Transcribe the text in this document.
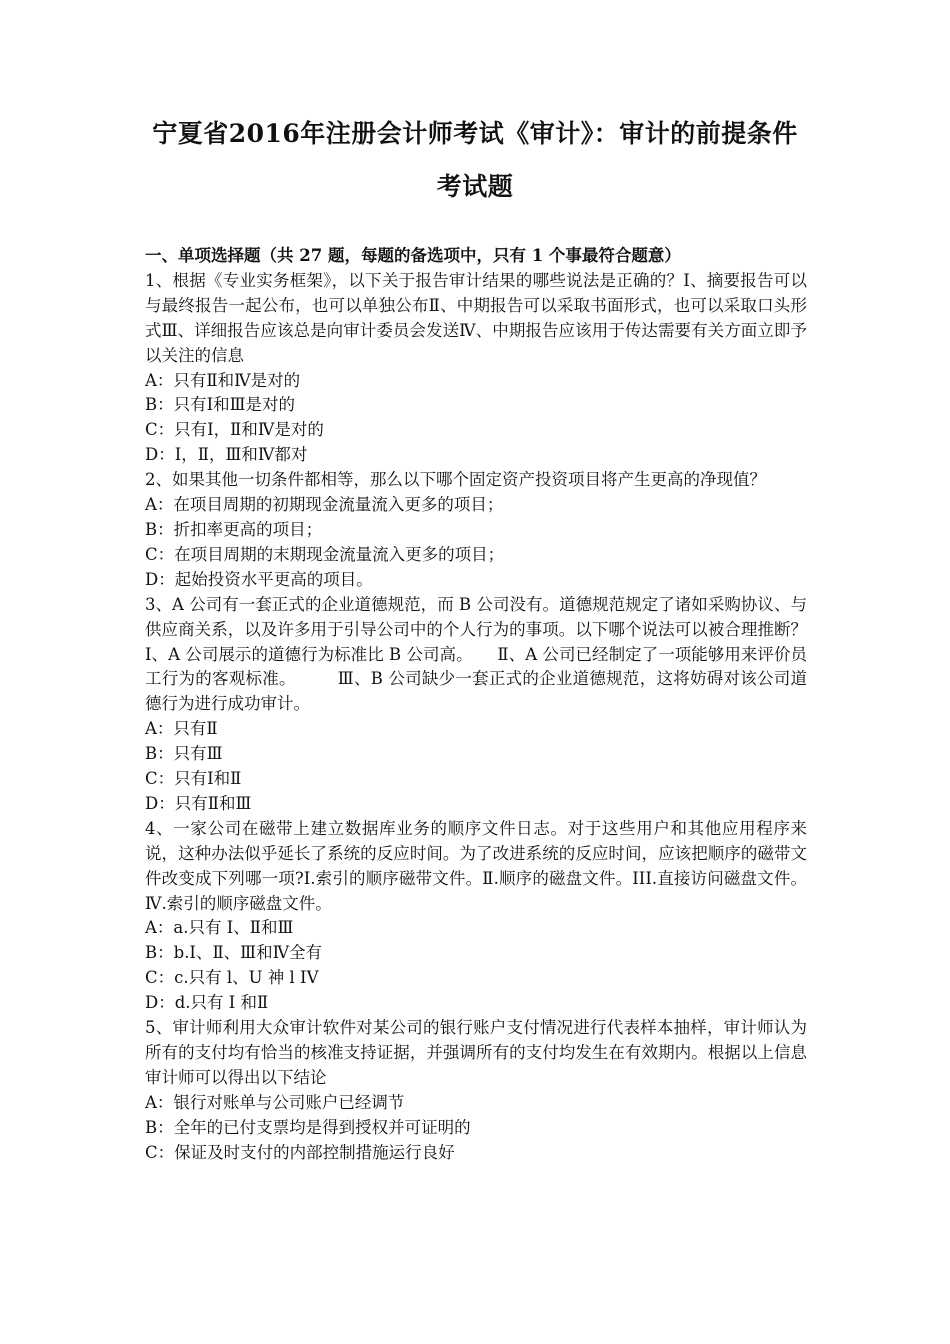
宁夏省2016年注册会计师考试《审计》：审计的前提条件
考试题
一、单项选择题（共 27 题，每题的备选项中，只有 1 个事最符合题意）
1、根据《专业实务框架》，以下关于报告审计结果的哪些说法是正确的？Ⅰ、摘要报告可以与最终报告一起公布，也可以单独公布Ⅱ、中期报告可以采取书面形式，也可以采取口头形式Ⅲ、详细报告应该总是向审计委员会发送Ⅳ、中期报告应该用于传达需要有关方面立即予以关注的信息
A：只有Ⅱ和Ⅳ是对的
B：只有Ⅰ和Ⅲ是对的
C：只有Ⅰ，Ⅱ和Ⅳ是对的
D：Ⅰ，Ⅱ，Ⅲ和Ⅳ都对
2、如果其他一切条件都相等，那么以下哪个固定资产投资项目将产生更高的净现值？
A：在项目周期的初期现金流量流入更多的项目；
B：折扣率更高的项目；
C：在项目周期的末期现金流量流入更多的项目；
D：起始投资水平更高的项目。
3、A 公司有一套正式的企业道德规范，而 B 公司没有。道德规范规定了诸如采购协议、与供应商关系，以及许多用于引导公司中的个人行为的事项。以下哪个说法可以被合理推断？　　　Ⅰ、A 公司展示的道德行为标准比 B 公司高。　　Ⅱ、A 公司已经制定了一项能够用来评价员工行为的客观标准。　　　Ⅲ、B 公司缺少一套正式的企业道德规范，这将妨碍对该公司道德行为进行成功审计。
A：只有Ⅱ
B：只有Ⅲ
C：只有Ⅰ和Ⅱ
D：只有Ⅱ和Ⅲ
4、一家公司在磁带上建立数据库业务的顺序文件日志。对于这些用户和其他应用程序来说，这种办法似乎延长了系统的反应时间。为了改进系统的反应时间，应该把顺序的磁带文件改变成下列哪一项?I.索引的顺序磁带文件。Ⅱ.顺序的磁盘文件。III.直接访问磁盘文件。Ⅳ.索引的顺序磁盘文件。
A：a.只有 I、Ⅱ和Ⅲ
B：b.I、Ⅱ、Ⅲ和Ⅳ全有
C：c.只有 l、U 神 l IV
D：d.只有 I 和Ⅱ
5、审计师利用大众审计软件对某公司的银行账户支付情况进行代表样本抽样，审计师认为所有的支付均有恰当的核准支持证据，并强调所有的支付均发生在有效期内。根据以上信息审计师可以得出以下结论
A：银行对账单与公司账户已经调节
B：全年的已付支票均是得到授权并可证明的
C：保证及时支付的内部控制措施运行良好
